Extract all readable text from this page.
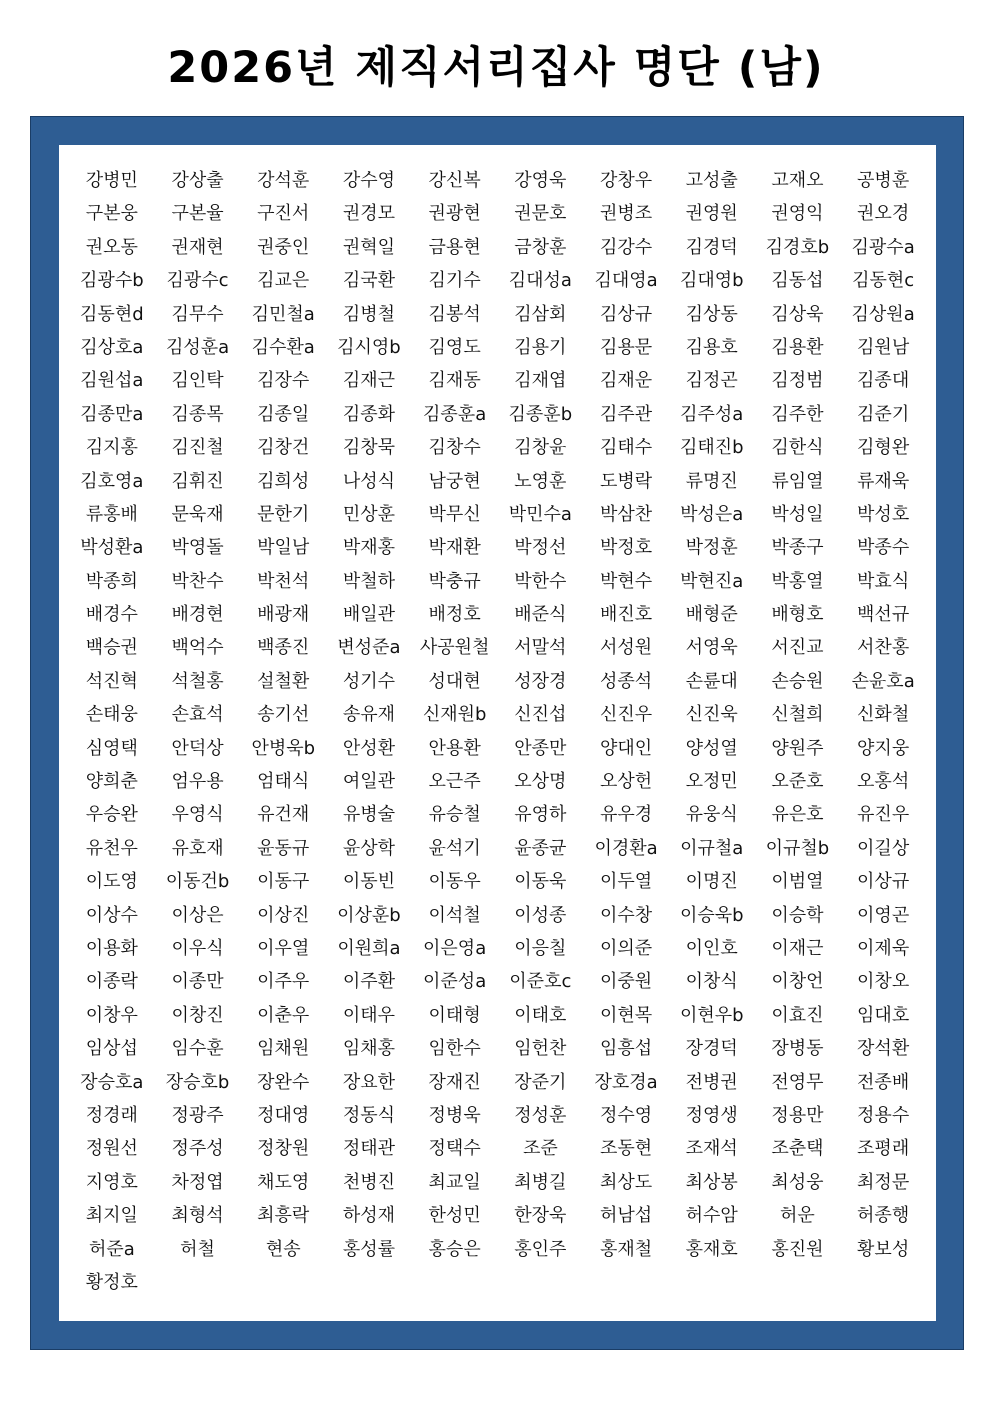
2026년 제직서리집사 명단 (남)
강병민	강상출	강석훈	강수영	강신복	강영욱	강창우	고성출	고재오	공병훈
구본웅	구본율	구진서	권경모	권광현	권문호	권병조	권영원	권영익	권오경
권오동	권재현	권중인	권혁일	금용현	금창훈	김강수	김경덕	김경호b	김광수a
김광수b	김광수c	김교은	김국환	김기수	김대성a	김대영a	김대영b	김동섭	김동현c
김동현d	김무수	김민철a	김병철	김봉석	김삼회	김상규	김상동	김상욱	김상원a
김상호a	김성훈a	김수환a	김시영b	김영도	김용기	김용문	김용호	김용환	김원남
김원섭a	김인탁	김장수	김재근	김재동	김재엽	김재운	김정곤	김정범	김종대
김종만a	김종목	김종일	김종화	김종훈a	김종훈b	김주관	김주성a	김주한	김준기
김지홍	김진철	김창건	김창묵	김창수	김창윤	김태수	김태진b	김한식	김형완
김호영a	김휘진	김희성	나성식	남궁현	노영훈	도병락	류명진	류임열	류재욱
류홍배	문욱재	문한기	민상훈	박무신	박민수a	박삼찬	박성은a	박성일	박성호
박성환a	박영돌	박일남	박재홍	박재환	박정선	박정호	박정훈	박종구	박종수
박종희	박찬수	박천석	박철하	박충규	박한수	박현수	박현진a	박홍열	박효식
배경수	배경현	배광재	배일관	배정호	배준식	배진호	배형준	배형호	백선규
백승권	백억수	백종진	변성준a	사공원철	서말석	서성원	서영욱	서진교	서찬홍
석진혁	석철홍	설철환	성기수	성대현	성장경	성종석	손륜대	손승원	손윤호a
손태웅	손효석	송기선	송유재	신재원b	신진섭	신진우	신진욱	신철희	신화철
심영택	안덕상	안병욱b	안성환	안용환	안종만	양대인	양성열	양원주	양지웅
양희춘	엄우용	엄태식	여일관	오근주	오상명	오상헌	오정민	오준호	오홍석
우승완	우영식	유건재	유병술	유승철	유영하	유우경	유웅식	유은호	유진우
유천우	유호재	윤동규	윤상학	윤석기	윤종균	이경환a	이규철a	이규철b	이길상
이도영	이동건b	이동구	이동빈	이동우	이동욱	이두열	이명진	이범열	이상규
이상수	이상은	이상진	이상훈b	이석철	이성종	이수창	이승욱b	이승학	이영곤
이용화	이우식	이우열	이원희a	이은영a	이응칠	이의준	이인호	이재근	이제욱
이종락	이종만	이주우	이주환	이준성a	이준호c	이중원	이창식	이창언	이창오
이창우	이창진	이춘우	이태우	이태형	이태호	이현목	이현우b	이효진	임대호
임상섭	임수훈	임채원	임채홍	임한수	임헌찬	임흥섭	장경덕	장병동	장석환
장승호a	장승호b	장완수	장요한	장재진	장준기	장호경a	전병권	전영무	전종배
정경래	정광주	정대영	정동식	정병욱	정성훈	정수영	정영생	정용만	정용수
정원선	정주성	정창원	정태관	정택수	조준	조동현	조재석	조춘택	조평래
지영호	차정엽	채도영	천병진	최교일	최병길	최상도	최상봉	최성웅	최정문
최지일	최형석	최흥락	하성재	한성민	한장욱	허남섭	허수암	허운	허종행
허준a	허철	현송	홍성률	홍승은	홍인주	홍재철	홍재호	홍진원	황보성
황정호
